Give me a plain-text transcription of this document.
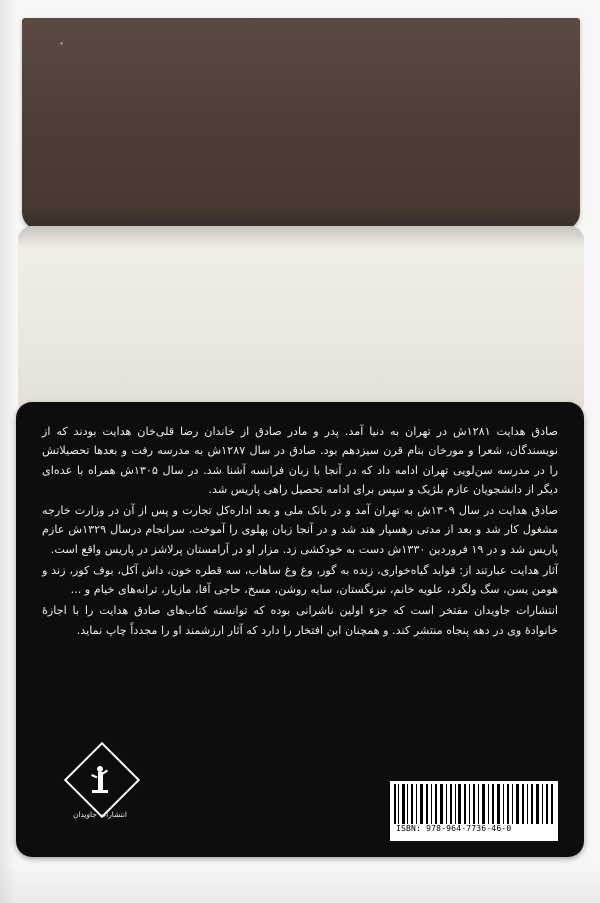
صادق هدایت ۱۲۸۱ش در تهران به دنیا آمد. پدر و مادر صادق از خاندان رضا قلی‌خان هدایت بودند که از نویسندگان، شعرا و مورخان بنام قرن سیزدهم بود. صادق در سال ۱۲۸۷ش به مدرسه رفت و بعدها تحصیلاتش را در مدرسه سن‌لویی تهران ادامه داد که در آنجا با زبان فرانسه آشنا شد. در سال ۱۳۰۵ش همراه با عده‌ای دیگر از دانشجویان عازم بلژیک و سپس برای ادامه تحصیل راهی پاریس شد.

صادق هدایت در سال ۱۳۰۹ش به تهران آمد و در بانک ملی و بعد اداره‌کل تجارت و پس از آن در وزارت خارجه مشغول کار شد و بعد از مدتی رهسپار هند شد و در آنجا زبان پهلوی را آموخت. سرانجام درسال ۱۳۲۹ش عازم پاریس شد و در ۱۹ فروردین ۱۳۳۰ش دست به خودکشی زد. مزار او در آرامستان پرلاشز در پاریس واقع است.

آثار هدایت عبارتند از: فواید گیاه‌خواری، زنده به گور، وغ وغ ساهاب، سه قطره خون، داش آکل، بوف کور، زند و هومن یسن، سگ ولگرد، علویه خانم، نیرنگستان، سایه روشن، مسخ، حاجی آقا، مازیار، ترانه‌های خیام و ...

انتشارات جاویدان مفتخر است که جزء اولین ناشرانی بوده که توانسته کتاب‌های صادق هدایت را با اجازهٔ خانوادهٔ وی در دهه پنجاه منتشر کند. و همچنان این افتخار را دارد که آثار ارزشمند او را مجدداً چاپ نماید.

انتشارات جاویدان
ISBN: 978-964-7736-46-0
